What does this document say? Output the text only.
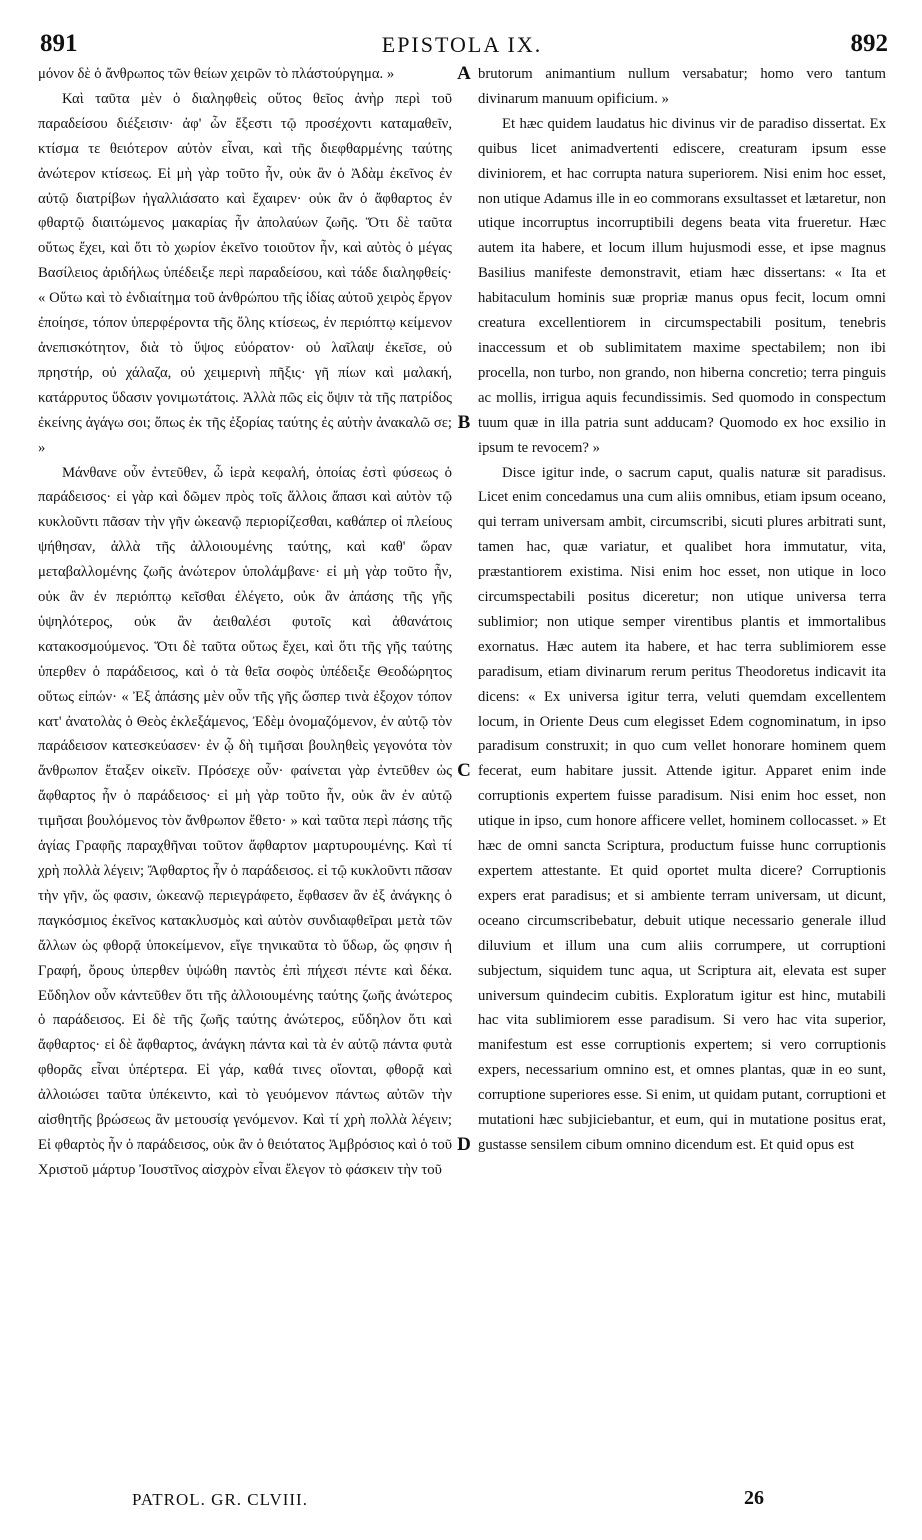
891	EPISTOLA IX.	892

μόνον δὲ ὁ ἄνθρωπος τῶν θείων χειρῶν τὸ πλάστούργημα. »

Καὶ ταῦτα μὲν ὁ διαληφθεὶς οὕτος θεῖος ἀνὴρ περὶ τοῦ παραδείσου διέξεισιν· ἀφ' ὧν ἔξεστι τῷ προσέχοντι καταμαθεῖν, κτίσμα τε θειότερον αὐτὸν εἶναι, καὶ τῆς διεφθαρμένης ταύτης ἀνώτερον κτίσεως. Εἰ μὴ γὰρ τοῦτο ἦν, οὐκ ἂν ὁ Ἀδὰμ ἐκεῖνος ἐν αὐτῷ διατρίβων ἠγαλλιάσατο καὶ ἔχαιρεν· οὐκ ἂν ὁ ἄφθαρτος ἐν φθαρτῷ διαιτώμενος μακαρίας ἦν ἀπολαύων ζωῆς. Ὅτι δὲ ταῦτα οὕτως ἔχει, καὶ ὅτι τὸ χωρίον ἐκεῖνο τοιοῦτον ἦν, καὶ αὐτὸς ὁ μέγας Βασίλειος ἀριδήλως ὑπέδειξε περὶ παραδείσου, καὶ τάδε διαληφθείς· « Οὕτω καὶ τὸ ἐνδιαίτημα τοῦ ἀνθρώπου τῆς ἰδίας αὐτοῦ χειρὸς ἔργον ἐποίησε, τόπον ὑπερφέροντα τῆς ὅλης κτίσεως, ἐν περιόπτῳ κείμενον ἀνεπισκότητον, διὰ τὸ ὕψος εὐόρατον· οὐ λαῖλαψ ἐκεῖσε, οὐ πρηστήρ, οὐ χάλαζα, οὐ χειμερινὴ πῆξις· γῆ πίων καὶ μαλακή, κατάρρυτος ὕδασιν γονιμωτάτοις. Ἀλλὰ πῶς εἰς ὄψιν τὰ τῆς πατρίδος ἐκείνης ἀγάγω σοι; ὅπως ἐκ τῆς ἐξορίας ταύτης ἐς αὐτὴν ἀνακαλῶ σε; »

Μάνθανε οὖν ἐντεῦθεν, ὦ ἱερὰ κεφαλή, ὁποίας ἐστὶ φύσεως ὁ παράδεισος· εἰ γὰρ καὶ δῶμεν πρὸς τοῖς ἄλλοις ἅπασι καὶ αὐτὸν τῷ κυκλοῦντι πᾶσαν τὴν γῆν ὠκεανῷ περιορίζεσθαι, καθάπερ οἱ πλείους ψήθησαν, ἀλλὰ τῆς ἀλλοιουμένης ταύτης, καὶ καθ' ὥραν μεταβαλλομένης ζωῆς ἀνώτερον ὑπολάμβανε· εἰ μὴ γὰρ τοῦτο ἦν, οὐκ ἂν ἐν περιόπτῳ κεῖσθαι ἐλέγετο, οὐκ ἂν ἁπάσης τῆς γῆς ὑψηλότερος, οὐκ ἂν ἀειθαλέσι φυτοῖς καὶ ἀθανάτοις κατακοσμούμενος. Ὅτι δὲ ταῦτα οὕτως ἔχει, καὶ ὅτι τῆς γῆς ταύτης ὑπερθεν ὁ παράδεισος, καὶ ὁ τὰ θεῖα σοφὸς ὑπέδειξε Θεοδώρητος οὕτως εἰπών· « Ἐξ ἁπάσης μὲν οὖν τῆς γῆς ὥσπερ τινὰ ἐξοχον τόπον κατ' ἀνατολὰς ὁ Θεὸς ἐκλεξάμενος, Ἐδὲμ ὀνομαζόμενον, ἐν αὐτῷ τὸν παράδεισον κατεσκεύασεν· ἐν ᾧ δὴ τιμῆσαι βουληθεὶς γεγονότα τὸν ἄνθρωπον ἔταξεν οἰκεῖν. Πρόσεχε οὖν· φαίνεται γὰρ ἐντεῦθεν ὡς ἄφθαρτος ἦν ὁ παράδεισος· εἰ μὴ γὰρ τοῦτο ἦν, οὐκ ἂν ἐν αὐτῷ τιμῆσαι βουλόμενος τὸν ἄνθρωπον ἔθετο· » καὶ ταῦτα περὶ πάσης τῆς ἁγίας Γραφῆς παραχθῆναι τοῦτον ἄφθαρτον μαρτυρουμένης. Καὶ τί χρὴ πολλὰ λέγειν; Ἄφθαρτος ἦν ὁ παράδεισος. εἰ τῷ κυκλοῦντι πᾶσαν τὴν γῆν, ὥς φασιν, ὠκεανῷ περιεγράφετο, ἔφθασεν ἂν ἐξ ἀνάγκης ὁ παγκόσμιος ἐκεῖνος κατακλυσμὸς καὶ αὐτὸν συνδιαφθεῖραι μετὰ τῶν ἄλλων ὡς φθορᾷ ὑποκείμενον, εἴγε τηνικαῦτα τὸ ὕδωρ, ὥς φησιν ἡ Γραφή, ὄρους ὑπερθεν ὑψώθη παντὸς ἐπὶ πήχεσι πέντε καὶ δέκα. Εὔδηλον οὖν κἀντεῦθεν ὅτι τῆς ἀλλοιουμένης ταύτης ζωῆς ἀνώτερος ὁ παράδεισος. Εἰ δὲ τῆς ζωῆς ταύτης ἀνώτερος, εὔδηλον ὅτι καὶ ἄφθαρτος· εἰ δὲ ἄφθαρτος, ἀνάγκη πάντα καὶ τὰ ἐν αὐτῷ πάντα φυτὰ φθορᾶς εἶναι ὑπέρτερα. Εἰ γάρ, καθά τινες οἴονται, φθορᾷ καὶ ἀλλοιώσει ταῦτα ὑπέκειντο, καὶ τὸ γευόμενον πάντως αὐτῶν τὴν αἰσθητῆς βρώσεως ἂν μετουσίᾳ γενόμενον. Καὶ τί χρὴ πολλὰ λέγειν; Εἰ φθαρτὸς ἦν ὁ παράδεισος, οὐκ ἂν ὁ θειότατος Ἀμβρόσιος καὶ ὁ τοῦ Χριστοῦ μάρτυρ Ἰουστῖνος αἰσχρὸν εἶναι ἔλεγον τὸ φάσκειν τὴν τοῦ

A
B
C
D

brutorum animantium nullum versabatur; homo vero tantum divinarum manuum opificium. »

Et hæc quidem laudatus hic divinus vir de paradiso dissertat. Ex quibus licet animadvertenti ediscere, creaturam ipsum esse diviniorem, et hac corrupta natura superiorem. Nisi enim hoc esset, non utique Adamus ille in eo commorans exsultasset et lætaretur, non utique incorruptus incorruptibili degens beata vita frueretur. Hæc autem ita habere, et locum illum hujusmodi esse, et ipse magnus Basilius manifeste demonstravit, etiam hæc dissertans: « Ita et habitaculum hominis suæ propriæ manus opus fecit, locum omni creatura excellentiorem in circumspectabili positum, tenebris inaccessum et ob sublimitatem maxime spectabilem; non ibi procella, non turbo, non grando, non hiberna concretio; terra pinguis ac mollis, irrigua aquis fecundissimis. Sed quomodo in conspectum tuum quæ in illa patria sunt adducam? Quomodo ex hoc exsilio in ipsum te revocem? »

Disce igitur inde, o sacrum caput, qualis naturæ sit paradisus. Licet enim concedamus una cum aliis omnibus, etiam ipsum oceano, qui terram universam ambit, circumscribi, sicuti plures arbitrati sunt, tamen hac, quæ variatur, et qualibet hora immutatur, vita, præstantiorem existima. Nisi enim hoc esset, non utique in loco circumspectabili positus diceretur; non utique universa terra sublimior; non utique semper virentibus plantis et immortalibus exornatus. Hæc autem ita habere, et hac terra sublimiorem esse paradisum, etiam divinarum rerum peritus Theodoretus indicavit ita dicens: « Ex universa igitur terra, veluti quemdam excellentem locum, in Oriente Deus cum elegisset Edem cognominatum, in ipso paradisum construxit; in quo cum vellet honorare hominem quem fecerat, eum habitare jussit. Attende igitur. Apparet enim inde corruptionis expertem fuisse paradisum. Nisi enim hoc esset, non utique in ipso, cum honore afficere vellet, hominem collocasset. » Et hæc de omni sancta Scriptura, productum fuisse hunc corruptionis expertem attestante. Et quid oportet multa dicere? Corruptionis expers erat paradisus; et si ambiente terram universam, ut dicunt, oceano circumscribebatur, debuit utique necessario generale illud diluvium et illum una cum aliis corrumpere, ut corruptioni subjectum, siquidem tunc aqua, ut Scriptura ait, elevata est super universum quindecim cubitis. Exploratum igitur est hinc, mutabili hac vita sublimiorem esse paradisum. Si vero hac vita superior, manifestum est esse corruptionis expertem; si vero corruptionis expers, necessarium omnino est, et omnes plantas, quæ in eo sunt, corruptione superiores esse. Si enim, ut quidam putant, corruptioni et mutationi hæc subjiciebantur, et eum, qui in mutatione positus erat, gustasse sensilem cibum omnino dicendum est. Et quid opus est

PATROL. GR. CLVIII.	26
